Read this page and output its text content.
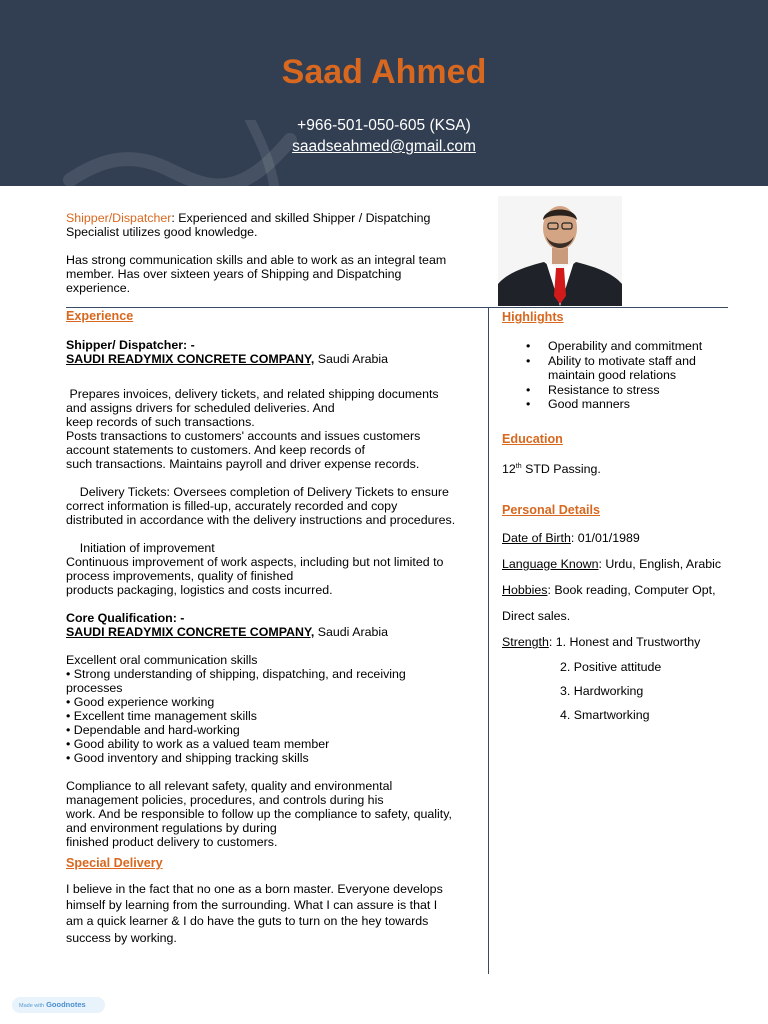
Saad Ahmed
+966-501-050-605 (KSA)
saadseahmed@gmail.com

Shipper/Dispatcher: Experienced and skilled Shipper / Dispatching

Specialist utilizes good knowledge.

Has strong communication skills and able to work as an integral team

member. Has over sixteen years of Shipping and Dispatching

experience.

Experience

Shipper/ Dispatcher: -

SAUDI READYMIX CONCRETE COMPANY, Saudi Arabia

Prepares invoices, delivery tickets, and related shipping documents

and assigns drivers for scheduled deliveries. And

keep records of such transactions.

Posts transactions to customers' accounts and issues customers

account statements to customers. And keep records of

such transactions. Maintains payroll and driver expense records.

Delivery Tickets: Oversees completion of Delivery Tickets to ensure

correct information is filled-up, accurately recorded and copy

distributed in accordance with the delivery instructions and procedures.

Initiation of improvement

Continuous improvement of work aspects, including but not limited to

process improvements, quality of finished

products packaging, logistics and costs incurred.

Core Qualification: -

SAUDI READYMIX CONCRETE COMPANY, Saudi Arabia

Excellent oral communication skills

• Strong understanding of shipping, dispatching, and receiving

processes

• Good experience working

• Excellent time management skills

• Dependable and hard-working

• Good ability to work as a valued team member

• Good inventory and shipping tracking skills

Compliance to all relevant safety, quality and environmental

management policies, procedures, and controls during his

work. And be responsible to follow up the compliance to safety, quality,

and environment regulations by during

finished product delivery to customers.

Special Delivery

I believe in the fact that no one as a born master. Everyone develops

himself by learning from the surrounding. What I can assure is that I

am a quick learner & I do have the guts to turn on the hey towards

success by working.

Highlights
• Operability and commitment
• Ability to motivate staff and maintain good relations
• Resistance to stress
• Good manners
Education
12th STD Passing.
Personal Details

Date of Birth: 01/01/1989

Language Known: Urdu, English, Arabic

Hobbies: Book reading, Computer Opt,

Direct sales.

Strength: 1. Honest and Trustworthy

2. Positive attitude

3. Hardworking

4. Smartworking

Made with Goodnotes
